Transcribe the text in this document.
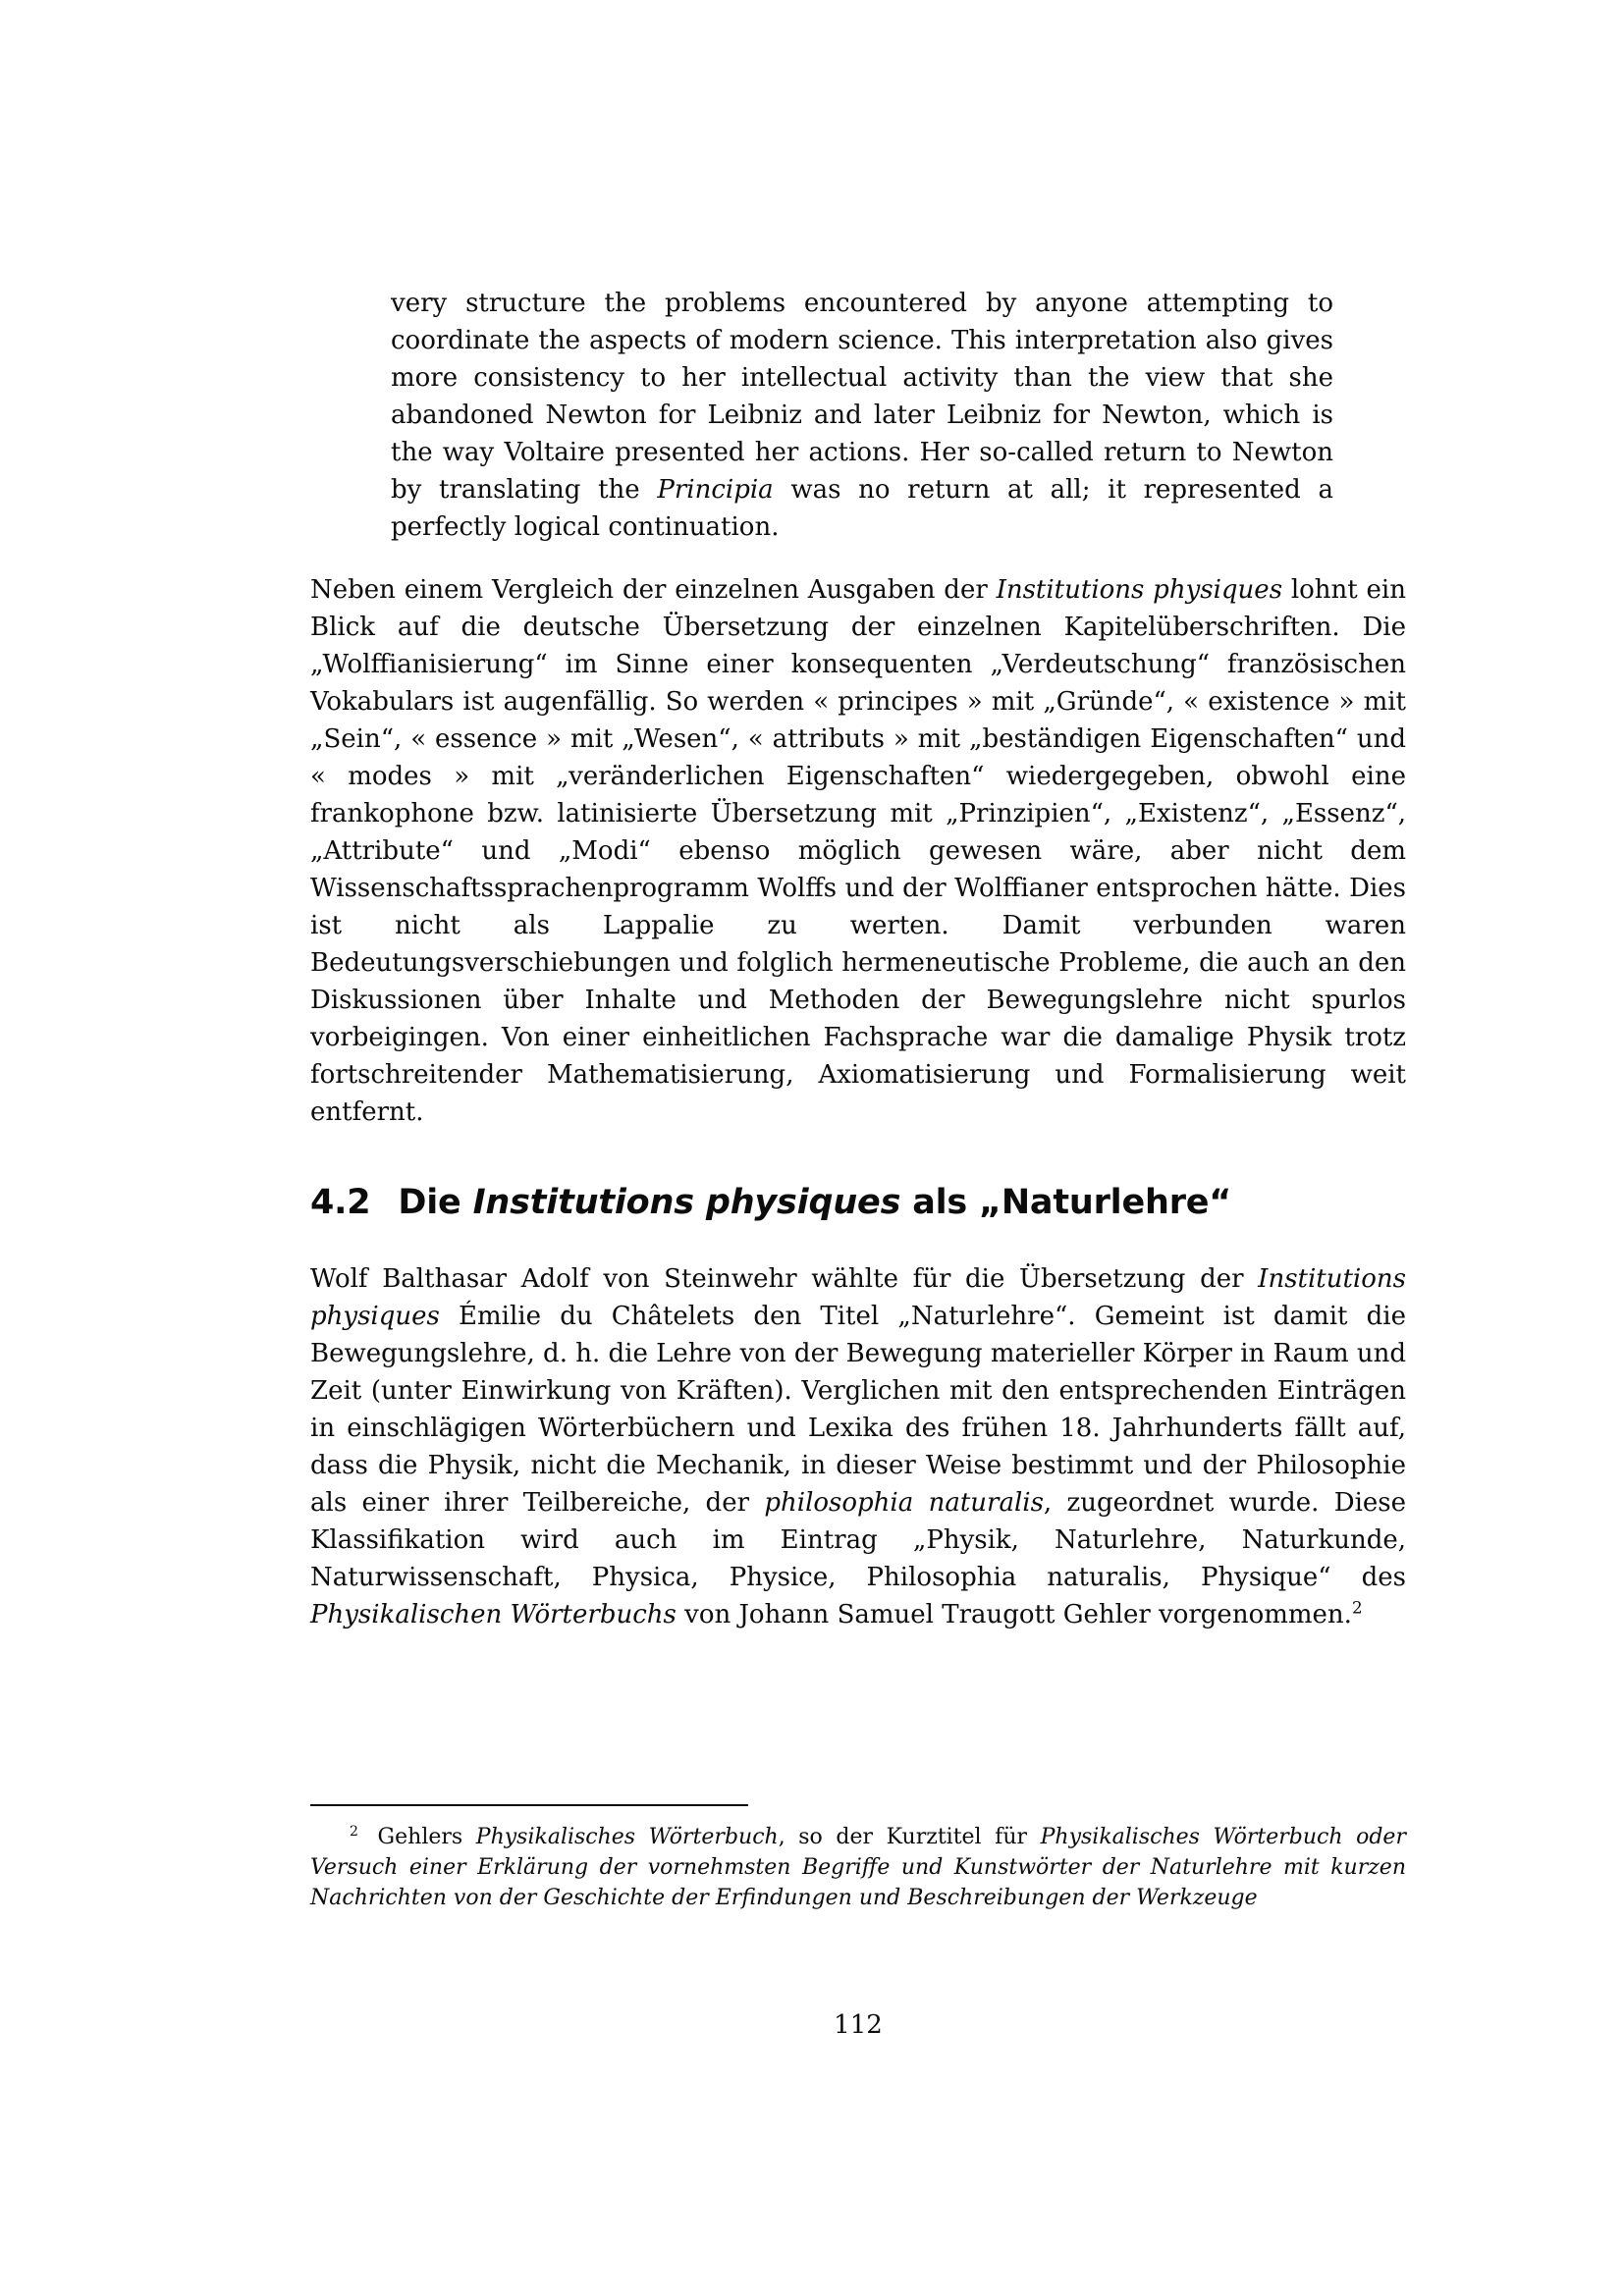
very structure the problems encountered by anyone attempting to coordinate the aspects of modern science. This interpretation also gives more consistency to her intellectual activity than the view that she abandoned Newton for Leibniz and later Leibniz for Newton, which is the way Voltaire presented her actions. Her so-called return to Newton by translating the Principia was no return at all; it represented a perfectly logical continuation.

Neben einem Vergleich der einzelnen Ausgaben der Institutions physiques lohnt ein Blick auf die deutsche Übersetzung der einzelnen Kapitelüberschriften. Die „Wolffianisierung“ im Sinne einer konsequenten „Verdeutschung“ französischen Vokabulars ist augenfällig. So werden « principes » mit „Gründe“, « existence » mit „Sein“, « essence » mit „Wesen“, « attributs » mit „beständigen Eigenschaften“ und « modes » mit „veränderlichen Eigenschaften“ wiedergegeben, obwohl eine frankophone bzw. latinisierte Übersetzung mit „Prinzipien“, „Existenz“, „Essenz“, „Attribute“ und „Modi“ ebenso möglich gewesen wäre, aber nicht dem Wissenschaftssprachenprogramm Wolffs und der Wolffianer entsprochen hätte. Dies ist nicht als Lappalie zu werten. Damit verbunden waren Bedeutungsverschiebungen und folglich hermeneutische Probleme, die auch an den Diskussionen über Inhalte und Methoden der Bewegungslehre nicht spurlos vorbeigingen. Von einer einheitlichen Fachsprache war die damalige Physik trotz fortschreitender Mathematisierung, Axiomatisierung und Formalisierung weit entfernt.

4.2 Die Institutions physiques als „Naturlehre“

Wolf Balthasar Adolf von Steinwehr wählte für die Übersetzung der Institutions physiques Émilie du Châtelets den Titel „Naturlehre“. Gemeint ist damit die Bewegungslehre, d. h. die Lehre von der Bewegung materieller Körper in Raum und Zeit (unter Einwirkung von Kräften). Verglichen mit den entsprechenden Einträgen in einschlägigen Wörterbüchern und Lexika des frühen 18. Jahrhunderts fällt auf, dass die Physik, nicht die Mechanik, in dieser Weise bestimmt und der Philosophie als einer ihrer Teilbereiche, der philosophia naturalis, zugeordnet wurde. Diese Klassifikation wird auch im Eintrag „Physik, Naturlehre, Naturkunde, Naturwissenschaft, Physica, Physice, Philosophia naturalis, Physique“ des Physikalischen Wörterbuchs von Johann Samuel Traugott Gehler vorgenommen.$^2$

$^2$ Gehlers Physikalisches Wörterbuch, so der Kurztitel für Physikalisches Wörterbuch oder Versuch einer Erklärung der vornehmsten Begriffe und Kunstwörter der Naturlehre mit kurzen Nachrichten von der Geschichte der Erfindungen und Beschreibungen der Werkzeuge

112
